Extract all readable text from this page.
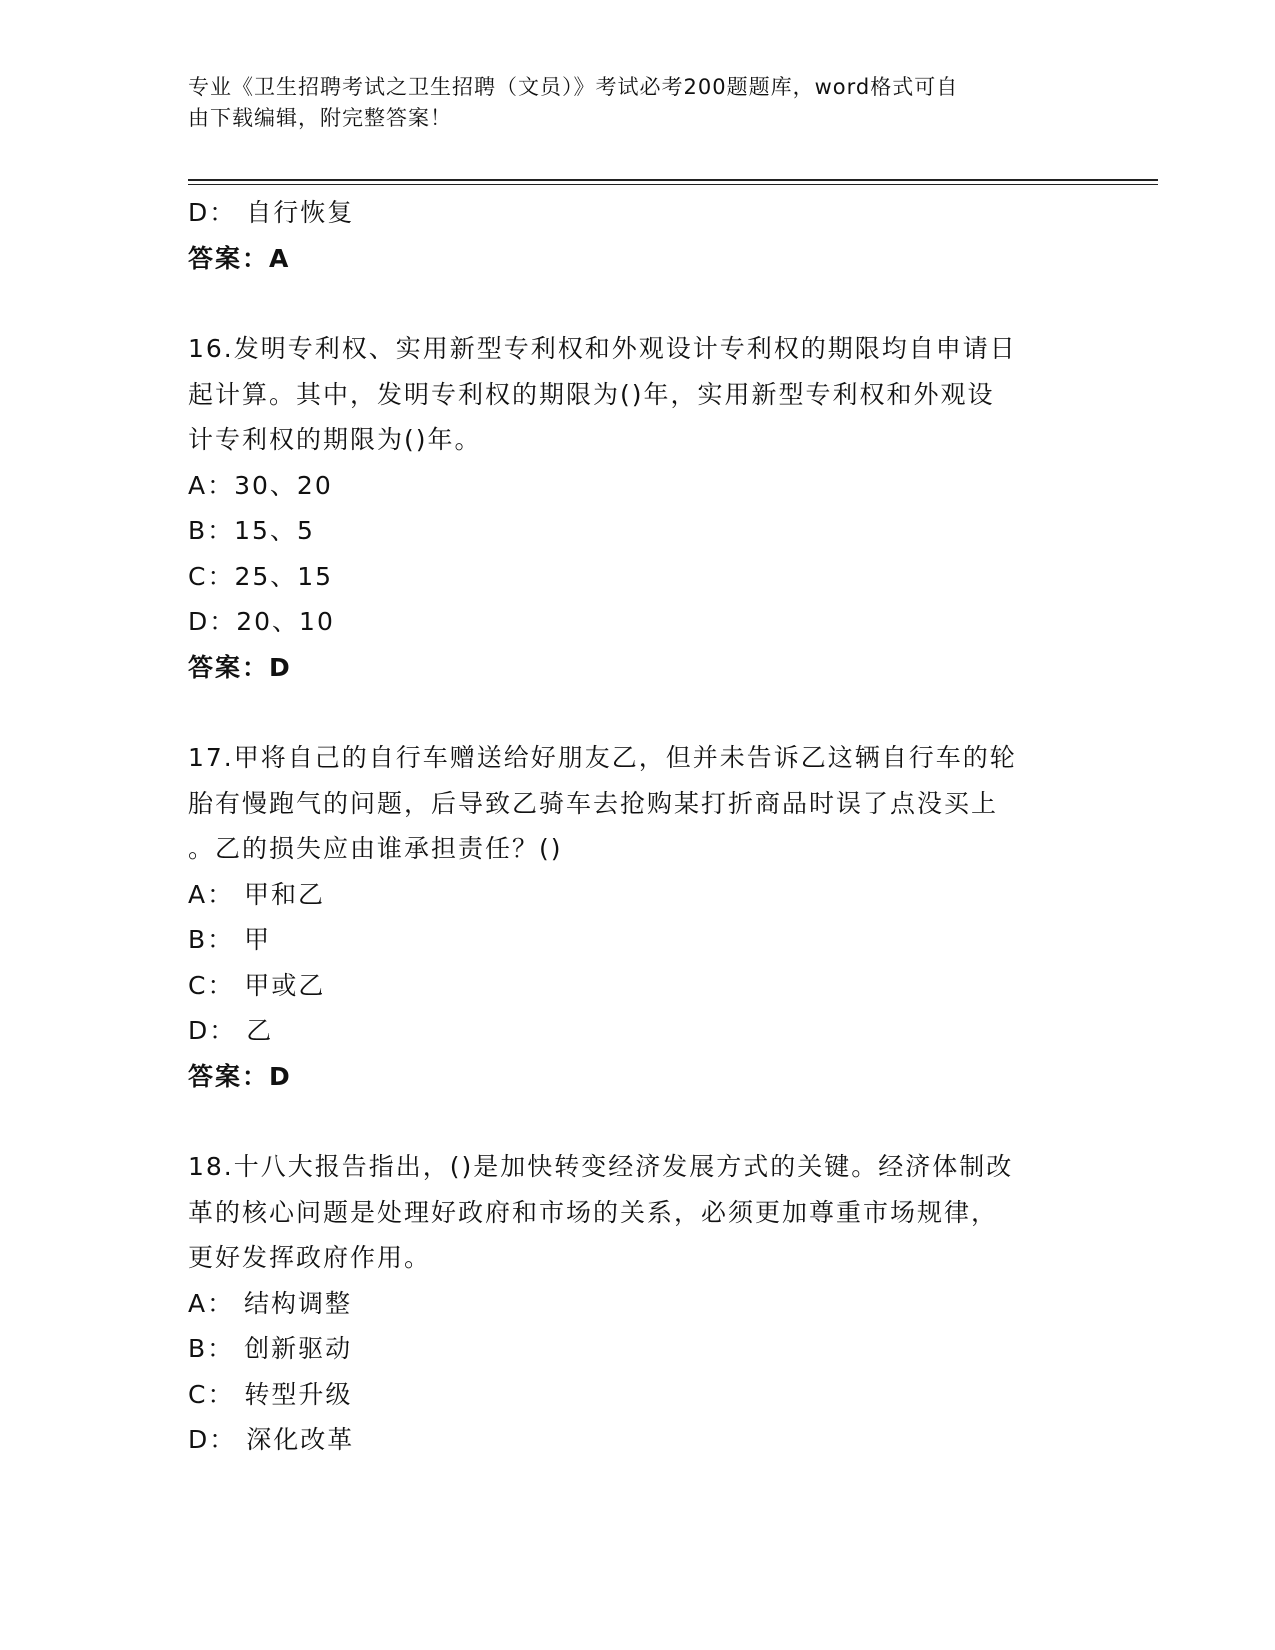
专业《卫生招聘考试之卫生招聘（文员）》考试必考200题题库，word格式可自
由下载编辑，附完整答案！
D： 自行恢复
答案：A
16.发明专利权、实用新型专利权和外观设计专利权的期限均自申请日
起计算。其中，发明专利权的期限为()年，实用新型专利权和外观设
计专利权的期限为()年。
A：30、20
B：15、5
C：25、15
D：20、10
答案：D
17.甲将自己的自行车赠送给好朋友乙，但并未告诉乙这辆自行车的轮
胎有慢跑气的问题，后导致乙骑车去抢购某打折商品时误了点没买上
。乙的损失应由谁承担责任？()
A： 甲和乙
B： 甲
C： 甲或乙
D： 乙
答案：D
18.十八大报告指出，()是加快转变经济发展方式的关键。经济体制改
革的核心问题是处理好政府和市场的关系，必须更加尊重市场规律，
更好发挥政府作用。
A： 结构调整
B： 创新驱动
C： 转型升级
D： 深化改革
